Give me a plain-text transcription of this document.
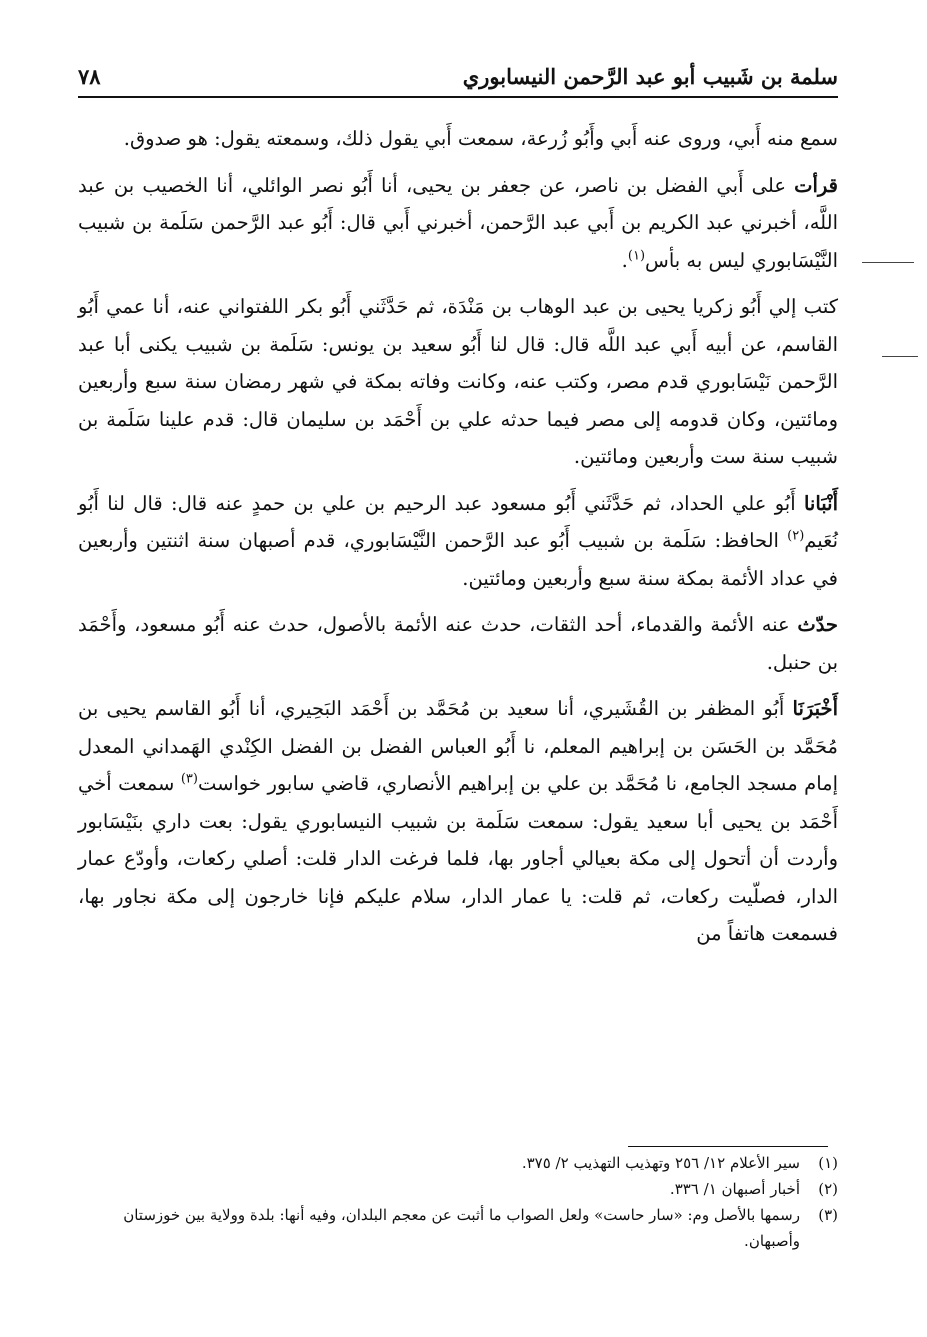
سلمة بن شَبيب أبو عبد الرَّحمن النيسابوري
٧٨

سمع منه أَبي، وروى عنه أَبي وأَبُو زُرعة، سمعت أَبي يقول ذلك، وسمعته يقول: هو صدوق.

قرأت على أَبي الفضل بن ناصر، عن جعفر بن يحيى، أنا أَبُو نصر الوائلي، أنا الخصيب بن عبد اللَّه، أخبرني عبد الكريم بن أَبي عبد الرَّحمن، أخبرني أَبي قال: أَبُو عبد الرَّحمن سَلَمة بن شبيب النَّيْسَابوري ليس به بأس$^{(١)}$.

كتب إلي أَبُو زكريا يحيى بن عبد الوهاب بن مَنْدَة، ثم حَدَّثَني أَبُو بكر اللفتواني عنه، أنا عمي أَبُو القاسم، عن أبيه أَبي عبد اللَّه قال: قال لنا أَبُو سعيد بن يونس: سَلَمة بن شبيب يكنى أبا عبد الرَّحمن نَيْسَابوري قدم مصر، وكتب عنه، وكانت وفاته بمكة في شهر رمضان سنة سبع وأربعين ومائتين، وكان قدومه إلى مصر فيما حدثه علي بن أَحْمَد بن سليمان قال: قدم علينا سَلَمة بن شبيب سنة ست وأربعين ومائتين.

أَنْبَانا أَبُو علي الحداد، ثم حَدَّثَني أَبُو مسعود عبد الرحيم بن علي بن حمدٍ عنه قال: قال لنا أَبُو نُعَيم$^{(٢)}$ الحافظ: سَلَمة بن شبيب أَبُو عبد الرَّحمن النَّيْسَابوري، قدم أصبهان سنة اثنتين وأربعين في عداد الأئمة بمكة سنة سبع وأربعين ومائتين.

حدّث عنه الأئمة والقدماء، أحد الثقات، حدث عنه الأئمة بالأصول، حدث عنه أَبُو مسعود، وأَحْمَد بن حنبل.

أَخْبَرَنَا أَبُو المظفر بن القُشَيري، أنا سعيد بن مُحَمَّد بن أَحْمَد البَحِيري، أنا أَبُو القاسم يحيى بن مُحَمَّد بن الحَسَن بن إبراهيم المعلم، نا أَبُو العباس الفضل بن الفضل الكِنْدي الهَمداني المعدل إمام مسجد الجامع، نا مُحَمَّد بن علي بن إبراهيم الأنصاري، قاضي سابور خواست$^{(٣)}$ سمعت أخي أَحْمَد بن يحيى أبا سعيد يقول: سمعت سَلَمة بن شبيب النيسابوري يقول: بعت داري بنَيْسَابور وأردت أن أتحول إلى مكة بعيالي أجاور بها، فلما فرغت الدار قلت: أصلي ركعات، وأودّع عمار الدار، فصلّيت ركعات، ثم قلت: يا عمار الدار، سلام عليكم فإنا خارجون إلى مكة نجاور بها، فسمعت هاتفاً من

(١)
سير الأعلام ١٢/ ٢٥٦ وتهذيب التهذيب ٢/ ٣٧٥.

(٢)
أخبار أصبهان ١/ ٣٣٦.

(٣)
رسمها بالأصل وم: «سار حاست» ولعل الصواب ما أثبت عن معجم البلدان، وفيه أنها: بلدة وولاية بين خوزستان وأصبهان.
